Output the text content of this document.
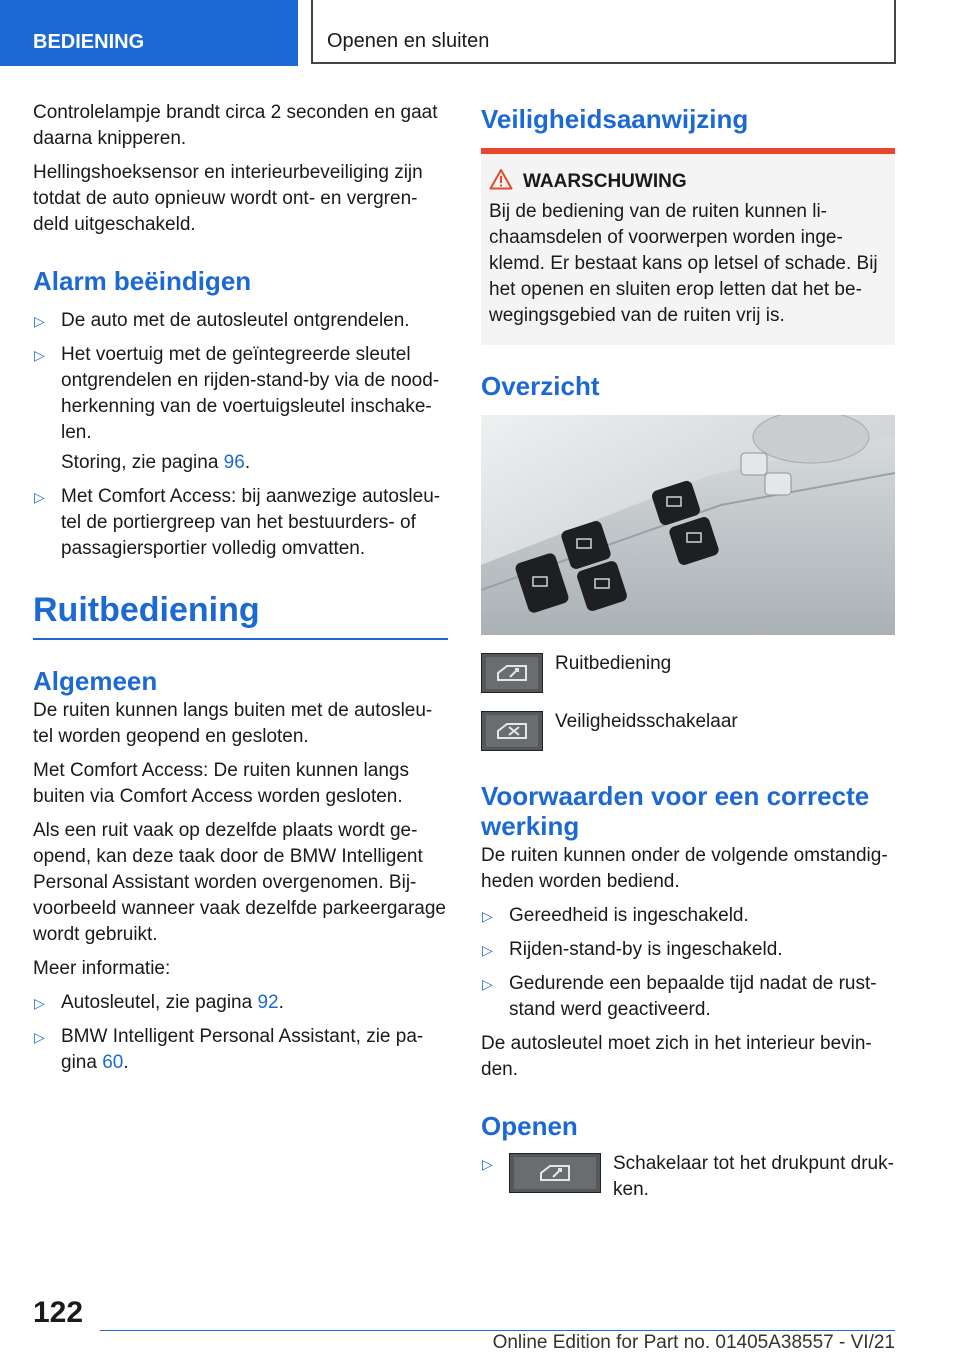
BEDIENING	Openen en sluiten

Controlelampje brandt circa 2 seconden en gaat daarna knipperen.

Hellingshoeksensor en interieurbeveiliging zijn totdat de auto opnieuw wordt ont- en vergren-deld uitgeschakeld.

Alarm beëindigen
▷ De auto met de autosleutel ontgrendelen.
▷ Het voertuig met de geïntegreerde sleutel ontgrendelen en rijden-stand-by via de nood-herkenning van de voertuigsleutel inschake-len.
Storing, zie pagina 96.
▷ Met Comfort Access: bij aanwezige autosleu-tel de portiergreep van het bestuurders- of passagiersportier volledig omvatten.
Ruitbediening
Algemeen

De ruiten kunnen langs buiten met de autosleu-tel worden geopend en gesloten.

Met Comfort Access: De ruiten kunnen langs buiten via Comfort Access worden gesloten.

Als een ruit vaak op dezelfde plaats wordt ge-opend, kan deze taak door de BMW Intelligent Personal Assistant worden overgenomen. Bij-voorbeeld wanneer vaak dezelfde parkeergarage wordt gebruikt.

Meer informatie:

▷ Autosleutel, zie pagina 92.
▷ BMW Intelligent Personal Assistant, zie pa-gina 60.
Veiligheidsaanwijzing
WAARSCHUWING

Bij de bediening van de ruiten kunnen li-chaamsdelen of voorwerpen worden inge-klemd. Er bestaat kans op letsel of schade. Bij het openen en sluiten erop letten dat het be-wegingsgebied van de ruiten vrij is.

Overzicht
Ruitbediening
Veiligheidsschakelaar
Voorwaarden voor een correcte werking

De ruiten kunnen onder de volgende omstandig-heden worden bediend.

▷ Gereedheid is ingeschakeld.
▷ Rijden-stand-by is ingeschakeld.
▷ Gedurende een bepaalde tijd nadat de rust-stand werd geactiveerd.

De autosleutel moet zich in het interieur bevin-den.

Openen
▷	Schakelaar tot het drukpunt druk-ken.
122
Online Edition for Part no. 01405A38557 - VI/21
